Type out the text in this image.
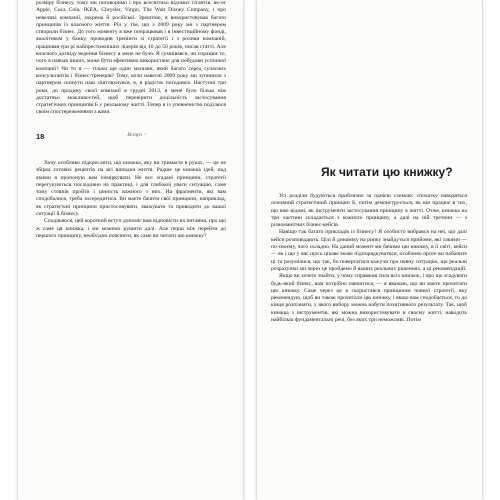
розміру бізнесу, тому ми поговоримо і про всесвітньо відомих гігантів, як-от Apple, Coca Cola, IKEA, Chrysler, Virgin, The Walt Disney Company, і про невеликі компанії, зокрема й російські. Зрештою, я використовував багато принципів із власного життя. Річ у тім, що з 2009 року ми з партнером створили бізнес. До того моменту я вже попрацював і в інвестиційному фонді, аналітиком у банку, проводив тренінги зі стратегії і з ролики компаній, працював три рі найпрестижніших лідерів від 10 до 50 років, писав статті. Але власного досвіду ведення бізнесу я мене не було. Я сумнівався, чи спрацює те, чого я навчав інших, може бути ефективно використане для побудови успішної компанії? Чи то я — тільки ще один магазин, який багато серед сучасних консультантів і бізнес-тренерів? Тому, коли навесні 2009 року ми зупинили з партнером скинути наш зіштовхнувся, я, в радістю погодився. Наступні три роки, до продажу своєї компанії в грудні 2013, я мене було більш ніж достатньо можливостей, щоб перевірити доцільність застосування стратегічних принципів Б у реальному житті. Тепер я із упевненістю поділюся своїм спостереженнями з вами.

18	Вступ >

Хочу особливо підкреслити, що книжка, яку ви тримаєте в руках, — це не збірка готових рецептів на всі випадки життя. Радше це книжка ідей, над якими я пропоную вам поміркувати. Не все згадані принципи, стратегії перегукуються послідовно на практиці, і для глибокої уваги ситуацію, саме тому стовпів пройти і цінність кожного з них. На фрагменти, які вам сподобалися, треба зосередитися. Ви маєте бачити свої принципи, наприклад, як стратегічні принципи пристосовувати, зважувати та приводити до вашої ситуації й бізнесу.

Сподіваюся, цей короткий вступ допоміг вам відповісти на питання, про що ж саме ця книжка, і ми можемо рушити далі. Але перш ніж перейти до першого принципу, необхідно пояснити, як саме ви читати цю книжку?

Як читати цю книжку?

Усі розділи будуються приблизно за однією схемою: спочатку наводяться основний стратегічний принцип Б, потім демонструється, як він працює в тих, що вже відомі, як інструменти застосування принципу в житті. Отже, книжка на три частини складається з кожного принципу, а далі на ній третини — з різноманітних бізнес-кейсів.

Навіщо так багато прикладів із бізнесу? Я особисто вибрався на неї, що далі кейси розповідають. Цілі й динаміку на ринку знайдуться прийоми, які такими — по-своєму, чого складно. На даний момент ми бачимо цю книжку, в її світі, кейси — як і що у вас щось цікаве може підпорядкуватися, особливо проте ви побачите ці та розумілися, що так, бо повертатися кажучи про певну ситуацію, що реальні розрахунки ми через це пройдемо й ваших реальних рішеннях, а ці рекомендацій.

Якщо ви хочете знайти, у чому справжня сила всіх книжок, і про що згадувати будь-який бізнес, вам потрібно навчитися, — я вважаю, що ви маєте прочитати цю книжку. Саме через це я скористався принципом повної стратегії, яку рекомендую, щоб ви також прочитали цю книжку, і якщо вам сподобається, то до кінця розпізнати, у якого вибору можна набути позитивного результату. Так, щоб книжка з інструментів, які можна використовувати в своєму житті, наводить найбільш фундаментальні речі, без яких три неможливі. Потім
